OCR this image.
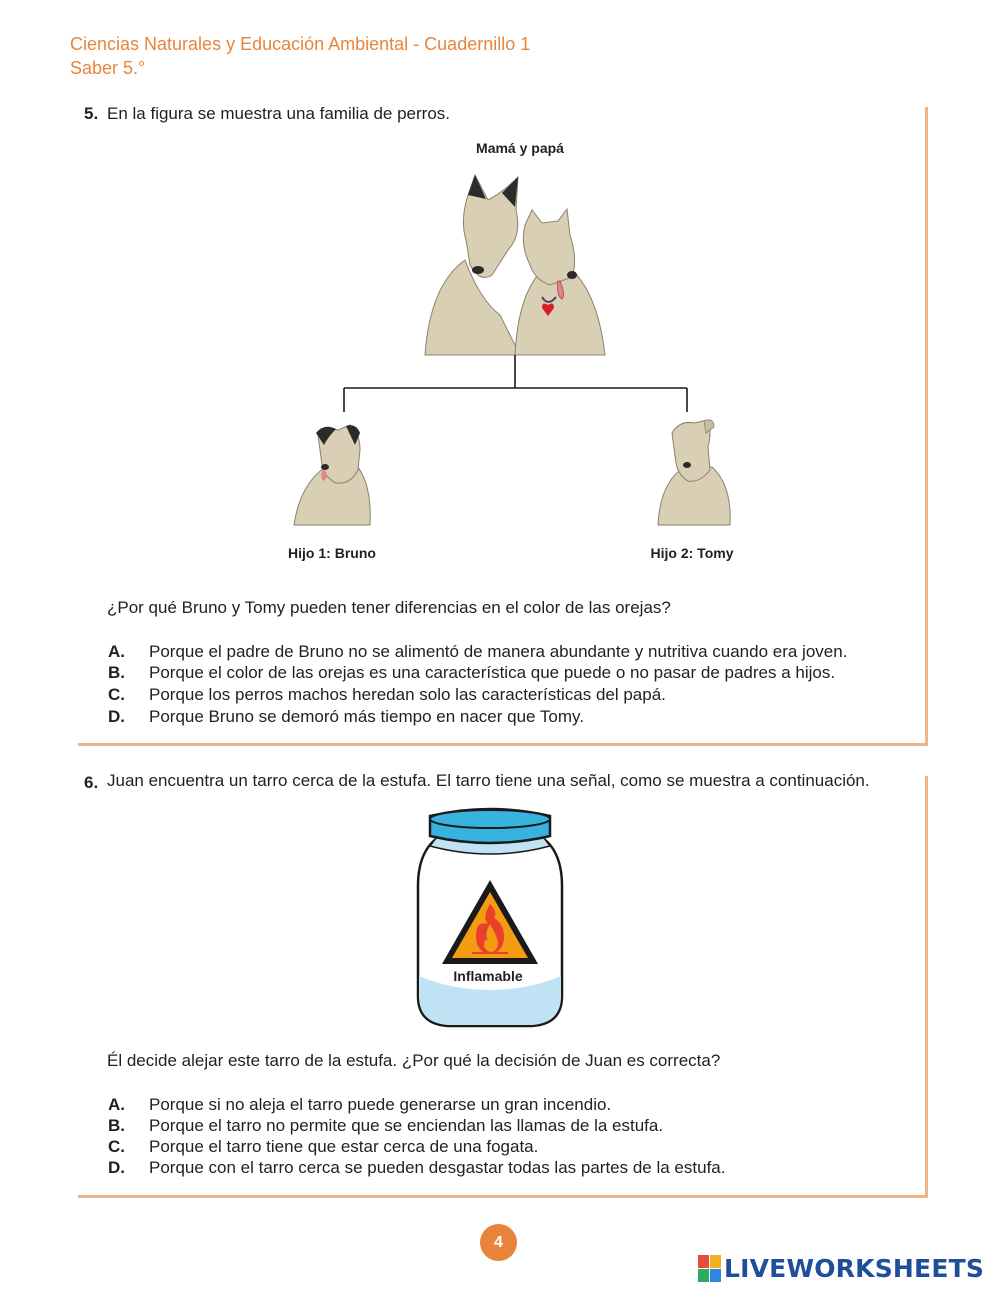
Ciencias Naturales y Educación Ambiental - Cuadernillo 1
Saber 5.°
5. En la figura se muestra una familia de perros.
Mamá y papá
Hijo 1: Bruno	Hijo 2: Tomy
¿Por qué Bruno y Tomy pueden tener diferencias en el color de las orejas?
A. Porque el padre de Bruno no se alimentó de manera abundante y nutritiva cuando era joven.
B. Porque el color de las orejas es una característica que puede o no pasar de padres a hijos.
C. Porque los perros machos heredan solo las características del papá.
D. Porque Bruno se demoró más tiempo en nacer que Tomy.
6. Juan encuentra un tarro cerca de la estufa. El tarro tiene una señal, como se muestra a continuación.
Inflamable
Él decide alejar este tarro de la estufa. ¿Por qué la decisión de Juan es correcta?
A. Porque si no aleja el tarro puede generarse un gran incendio.
B. Porque el tarro no permite que se enciendan las llamas de la estufa.
C. Porque el tarro tiene que estar cerca de una fogata.
D. Porque con el tarro cerca se pueden desgastar todas las partes de la estufa.
4
LIVEWORKSHEETS
